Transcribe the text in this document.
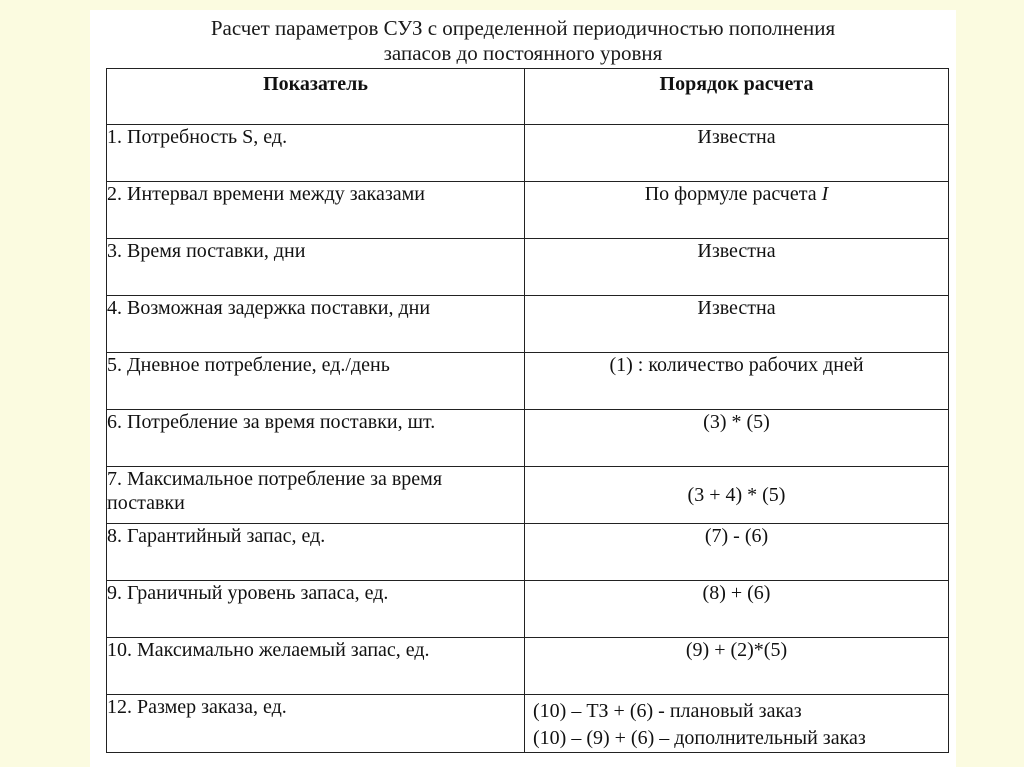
Расчет параметров СУЗ с определенной периодичностью пополнения
запасов до постоянного уровня
Показатель	Порядок расчета
1. Потребность S, ед.	Известна
2. Интервал времени между заказами	По формуле расчета I
3. Время поставки, дни	Известна
4. Возможная задержка поставки, дни	Известна
5. Дневное потребление, ед./день	(1) : количество рабочих дней
6. Потребление за время поставки, шт.	(3) * (5)
7. Максимальное потребление за время поставки	(3 + 4) * (5)
8. Гарантийный запас, ед.	(7) - (6)
9. Граничный уровень запаса, ед.	(8) + (6)
10. Максимально желаемый запас, ед.	(9) + (2)*(5)
12. Размер заказа, ед.	(10) – ТЗ + (6) - плановый заказ
(10) – (9) + (6) – дополнительный заказ
